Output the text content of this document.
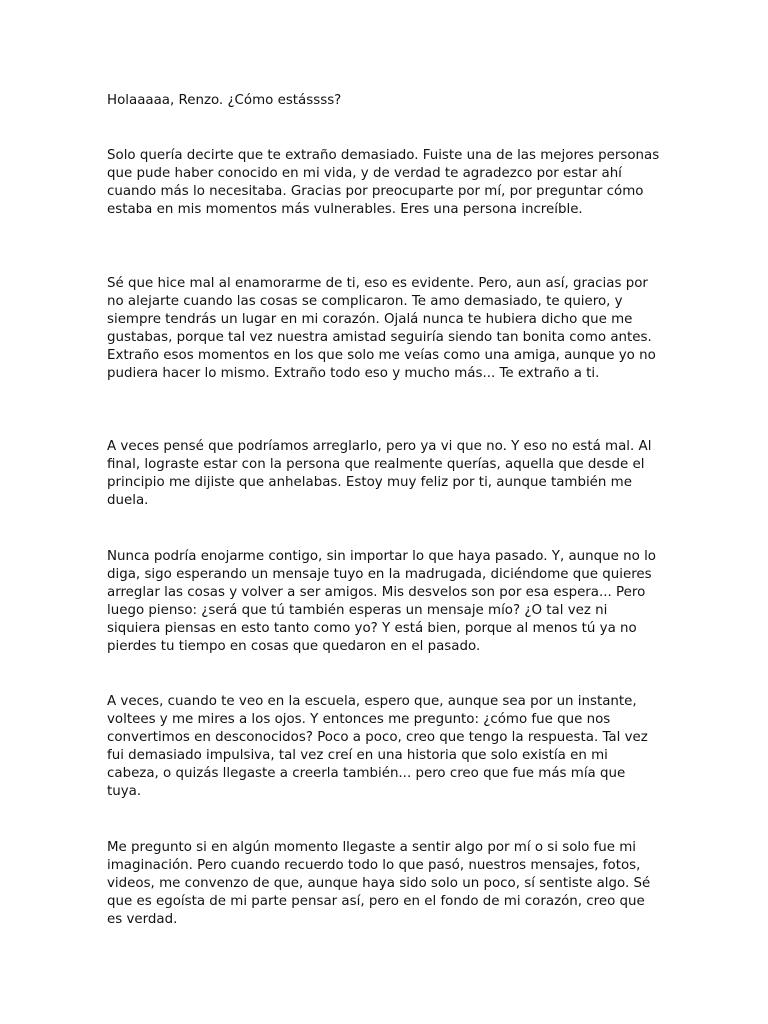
Holaaaaa, Renzo. ¿Cómo estássss?

Solo quería decirte que te extraño demasiado. Fuiste una de las mejores personas que pude haber conocido en mi vida, y de verdad te agradezco por estar ahí cuando más lo necesitaba. Gracias por preocuparte por mí, por preguntar cómo estaba en mis momentos más vulnerables. Eres una persona increíble.

Sé que hice mal al enamorarme de ti, eso es evidente. Pero, aun así, gracias por no alejarte cuando las cosas se complicaron. Te amo demasiado, te quiero, y siempre tendrás un lugar en mi corazón. Ojalá nunca te hubiera dicho que me gustabas, porque tal vez nuestra amistad seguiría siendo tan bonita como antes. Extraño esos momentos en los que solo me veías como una amiga, aunque yo no pudiera hacer lo mismo. Extraño todo eso y mucho más... Te extraño a ti.

A veces pensé que podríamos arreglarlo, pero ya vi que no. Y eso no está mal. Al final, lograste estar con la persona que realmente querías, aquella que desde el principio me dijiste que anhelabas. Estoy muy feliz por ti, aunque también me duela.

Nunca podría enojarme contigo, sin importar lo que haya pasado. Y, aunque no lo diga, sigo esperando un mensaje tuyo en la madrugada, diciéndome que quieres arreglar las cosas y volver a ser amigos. Mis desvelos son por esa espera... Pero luego pienso: ¿será que tú también esperas un mensaje mío? ¿O tal vez ni siquiera piensas en esto tanto como yo? Y está bien, porque al menos tú ya no pierdes tu tiempo en cosas que quedaron en el pasado.

A veces, cuando te veo en la escuela, espero que, aunque sea por un instante, voltees y me mires a los ojos. Y entonces me pregunto: ¿cómo fue que nos convertimos en desconocidos? Poco a poco, creo que tengo la respuesta. Tal vez fui demasiado impulsiva, tal vez creí en una historia que solo existía en mi cabeza, o quizás llegaste a creerla también... pero creo que fue más mía que tuya.

Me pregunto si en algún momento llegaste a sentir algo por mí o si solo fue mi imaginación. Pero cuando recuerdo todo lo que pasó, nuestros mensajes, fotos, videos, me convenzo de que, aunque haya sido solo un poco, sí sentiste algo. Sé que es egoísta de mi parte pensar así, pero en el fondo de mi corazón, creo que es verdad.
